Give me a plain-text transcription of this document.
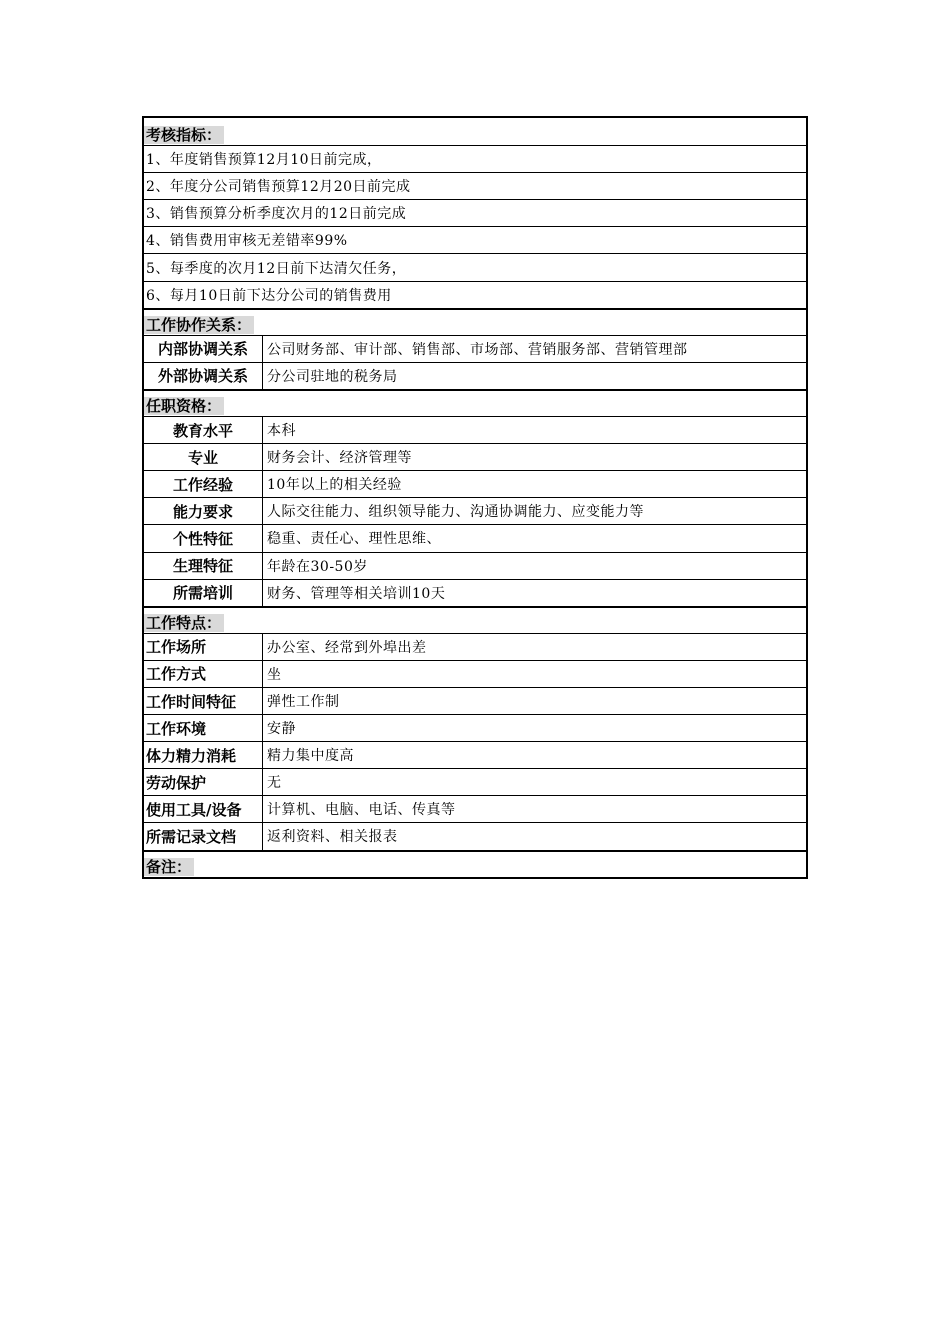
考核指标：
1、年度销售预算12月10日前完成，
2、年度分公司销售预算12月20日前完成
3、销售预算分析季度次月的12日前完成
4、销售费用审核无差错率99%
5、每季度的次月12日前下达清欠任务，
6、每月10日前下达分公司的销售费用
工作协作关系：
内部协调关系	公司财务部、审计部、销售部、市场部、营销服务部、营销管理部
外部协调关系	分公司驻地的税务局
任职资格：
教育水平	本科
专业	财务会计、经济管理等
工作经验	10年以上的相关经验
能力要求	人际交往能力、组织领导能力、沟通协调能力、应变能力等
个性特征	稳重、责任心、理性思维、
生理特征	年龄在30-50岁
所需培训	财务、管理等相关培训10天
工作特点：
工作场所	办公室、经常到外埠出差
工作方式	坐
工作时间特征	弹性工作制
工作环境	安静
体力精力消耗	精力集中度高
劳动保护	无
使用工具/设备	计算机、电脑、电话、传真等
所需记录文档	返利资料、相关报表
备注：
